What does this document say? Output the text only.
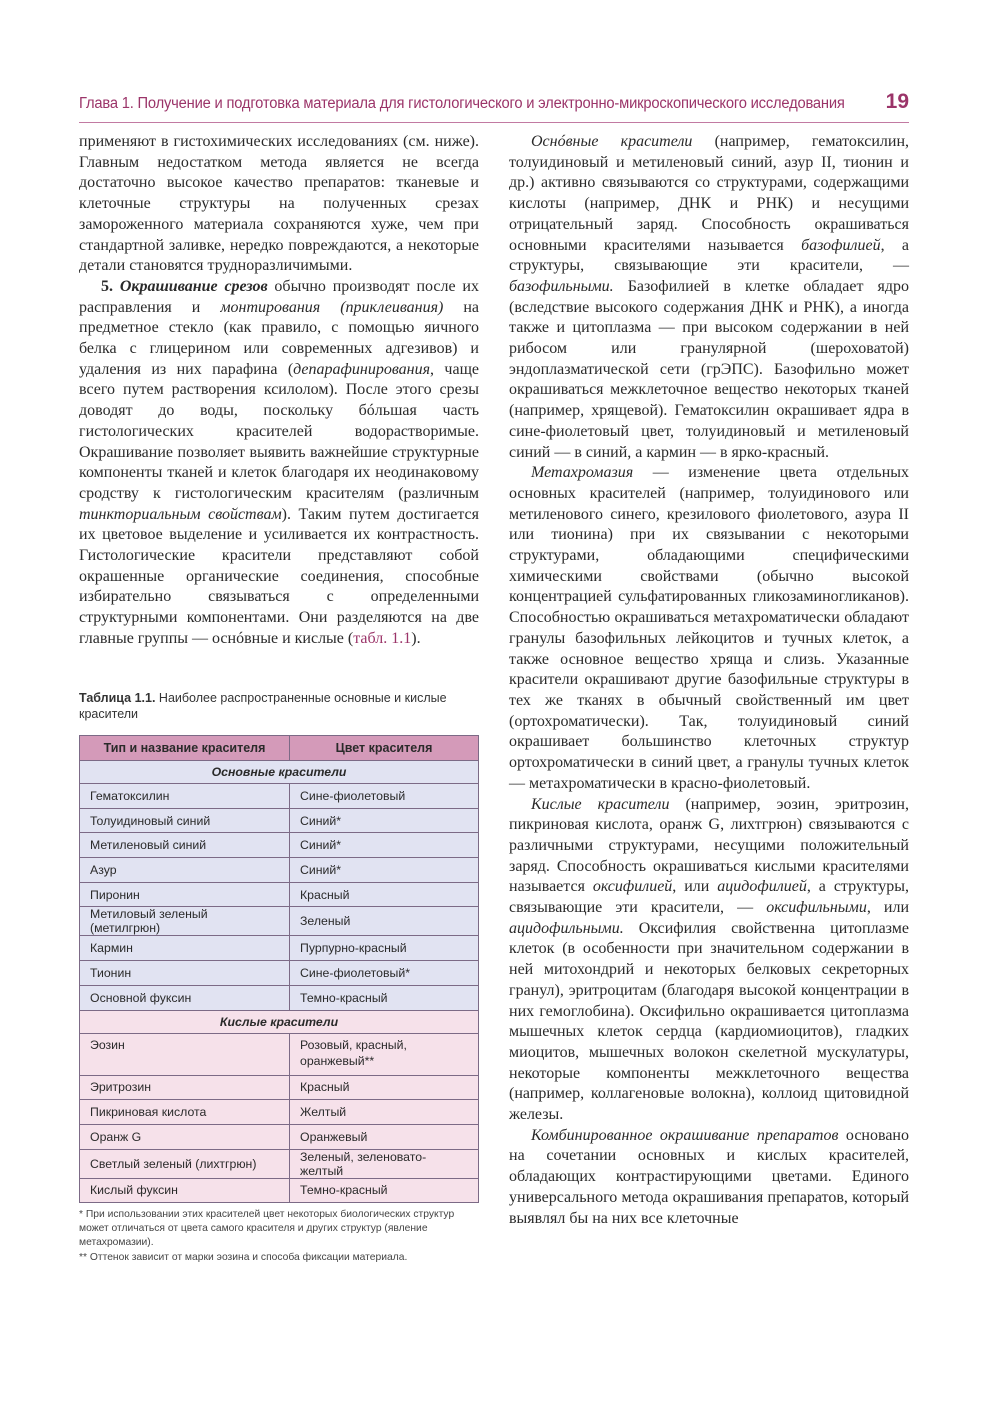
Глава 1. Получение и подготовка материала для гистологического и электронно-микроскопического исследования 19

применяют в гистохимических исследованиях (см. ниже). Главным недостатком метода является не всегда достаточно высокое качество препаратов: тканевые и клеточные структуры на полученных срезах замороженного материала сохраняются хуже, чем при стандартной заливке, нередко повреждаются, а некоторые детали становятся трудноразличимыми.

5. Окрашивание срезов обычно производят после их расправления и монтирования (приклеивания) на предметное стекло (как правило, с помощью яичного белка с глицерином или современных адгезивов) и удаления из них парафина (депарафинирования, чаще всего путем растворения ксилолом). После этого срезы доводят до воды, поскольку бóльшая часть гистологических красителей водорастворимые. Окрашивание позволяет выявить важнейшие структурные компоненты тканей и клеток благодаря их неодинаковому сродству к гистологическим красителям (различным тинкториальным свойствам). Таким путем достигается их цветовое выделение и усиливается их контрастность. Гистологические красители представляют собой окрашенные органические соединения, способные избирательно связываться с определенными структурными компонентами. Они разделяются на две главные группы — оснóвные и кислые (табл. 1.1).

Таблица 1.1. Наиболее распространенные основные и кислые красители
Тип и название красителя	Цвет красителя
Основные красители	
Гематоксилин	Сине-фиолетовый
Толуидиновый синий	Синий*
Метиленовый синий	Синий*
Азур	Синий*
Пиронин	Красный
Метиловый зеленый (метилгрюн)	Зеленый
Кармин	Пурпурно-красный
Тионин	Сине-фиолетовый*
Основной фуксин	Темно-красный
Кислые красители	
Эозин	Розовый, красный, оранжевый**
Эритрозин	Красный
Пикриновая кислота	Желтый
Оранж G	Оранжевый
Светлый зеленый (лихтгрюн)	Зеленый, зеленовато-желтый
Кислый фуксин	Темно-красный

* При использовании этих красителей цвет некоторых биологических структур может отличаться от цвета самого красителя и других структур (явление метахромазии).

** Оттенок зависит от марки эозина и способа фиксации материала.

Оснóвные красители (например, гематоксилин, толуидиновый и метиленовый синий, азур II, тионин и др.) активно связываются со структурами, содержащими кислоты (например, ДНК и РНК) и несущими отрицательный заряд. Способность окрашиваться основными красителями называется базофилией, а структуры, связывающие эти красители, — базофильными. Базофилией в клетке обладает ядро (вследствие высокого содержания ДНК и РНК), а иногда также и цитоплазма — при высоком содержании в ней рибосом или гранулярной (шероховатой) эндоплазматической сети (грЭПС). Базофильно может окрашиваться межклеточное вещество некоторых тканей (например, хрящевой). Гематоксилин окрашивает ядра в сине-фиолетовый цвет, толуидиновый и метиленовый синий — в синий, а кармин — в ярко-красный.

Метахромазия — изменение цвета отдельных основных красителей (например, толуидинового или метиленового синего, крезилового фиолетового, азура II или тионина) при их связывании с некоторыми структурами, обладающими специфическими химическими свойствами (обычно высокой концентрацией сульфатированных гликозаминогликанов). Способностью окрашиваться метахроматически обладают гранулы базофильных лейкоцитов и тучных клеток, а также основное вещество хряща и слизь. Указанные красители окрашивают другие базофильные структуры в тех же тканях в обычный свойственный им цвет (ортохроматически). Так, толуидиновый синий окрашивает большинство клеточных структур ортохроматически в синий цвет, а гранулы тучных клеток — метахроматически в красно-фиолетовый.

Кислые красители (например, эозин, эритрозин, пикриновая кислота, оранж G, лихтгрюн) связываются с различными структурами, несущими положительный заряд. Способность окрашиваться кислыми красителями называется оксифилией, или ацидофилией, а структуры, связывающие эти красители, — оксифильными, или ацидофильными. Оксифилия свойственна цитоплазме клеток (в особенности при значительном содержании в ней митохондрий и некоторых белковых секреторных гранул), эритроцитам (благодаря высокой концентрации в них гемоглобина). Оксифильно окрашивается цитоплазма мышечных клеток сердца (кардиомиоцитов), гладких миоцитов, мышечных волокон скелетной мускулатуры, некоторые компоненты межклеточного вещества (например, коллагеновые волокна), коллоид щитовидной железы.

Комбинированное окрашивание препаратов основано на сочетании основных и кислых красителей, обладающих контрастирующими цветами. Единого универсального метода окрашивания препаратов, который выявлял бы на них все клеточные
